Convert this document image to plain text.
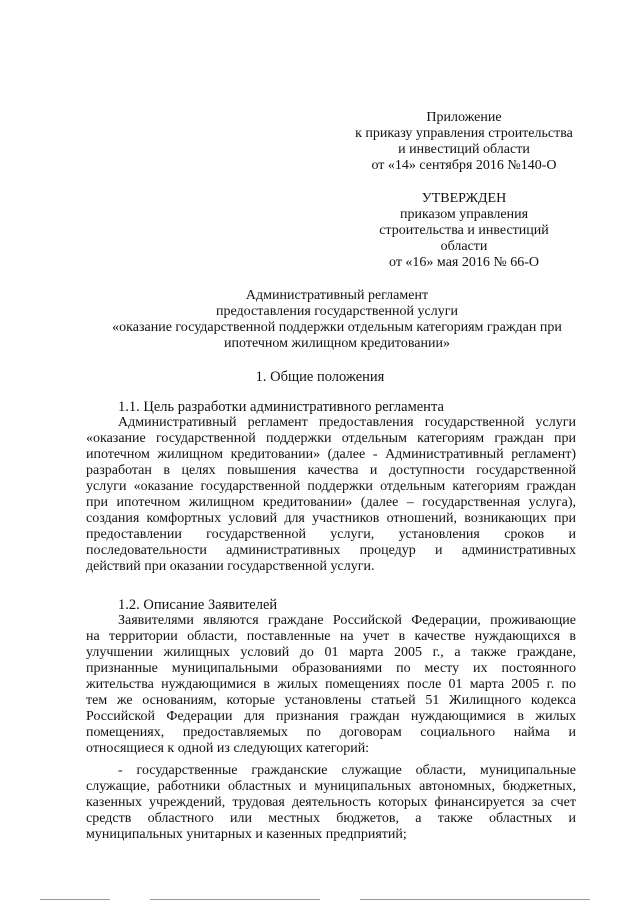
Приложение
к приказу управления строительства
и инвестиций области
от «14» сентября 2016 №140-О
УТВЕРЖДЕН
приказом управления
строительства и инвестиций
области
от «16» мая 2016 № 66-О
Административный регламент
предоставления государственной услуги
«оказание государственной поддержки отдельным категориям граждан при
ипотечном жилищном кредитовании»
1. Общие положения
1.1. Цель разработки административного регламента
Административный регламент предоставления государственной услуги
«оказание государственной поддержки отдельным категориям граждан при
ипотечном жилищном кредитовании» (далее - Административный регламент)
разработан в целях повышения качества и доступности государственной
услуги «оказание государственной поддержки отдельным категориям граждан
при ипотечном жилищном кредитовании» (далее – государственная услуга),
создания комфортных условий для участников отношений, возникающих при
предоставлении государственной услуги, установления сроков и
последовательности административных процедур и административных
действий при оказании государственной услуги.
1.2. Описание Заявителей
Заявителями являются граждане Российской Федерации, проживающие
на территории области, поставленные на учет в качестве нуждающихся в
улучшении жилищных условий до 01 марта 2005 г., а также граждане,
признанные муниципальными образованиями по месту их постоянного
жительства нуждающимися в жилых помещениях после 01 марта 2005 г. по
тем же основаниям, которые установлены статьей 51 Жилищного кодекса
Российской Федерации для признания граждан нуждающимися в жилых
помещениях, предоставляемых по договорам социального найма и
относящиеся к одной из следующих категорий:
- государственные гражданские служащие области, муниципальные
служащие, работники областных и муниципальных автономных, бюджетных,
казенных учреждений, трудовая деятельность которых финансируется за счет
средств областного или местных бюджетов, а также областных и
муниципальных унитарных и казенных предприятий;
